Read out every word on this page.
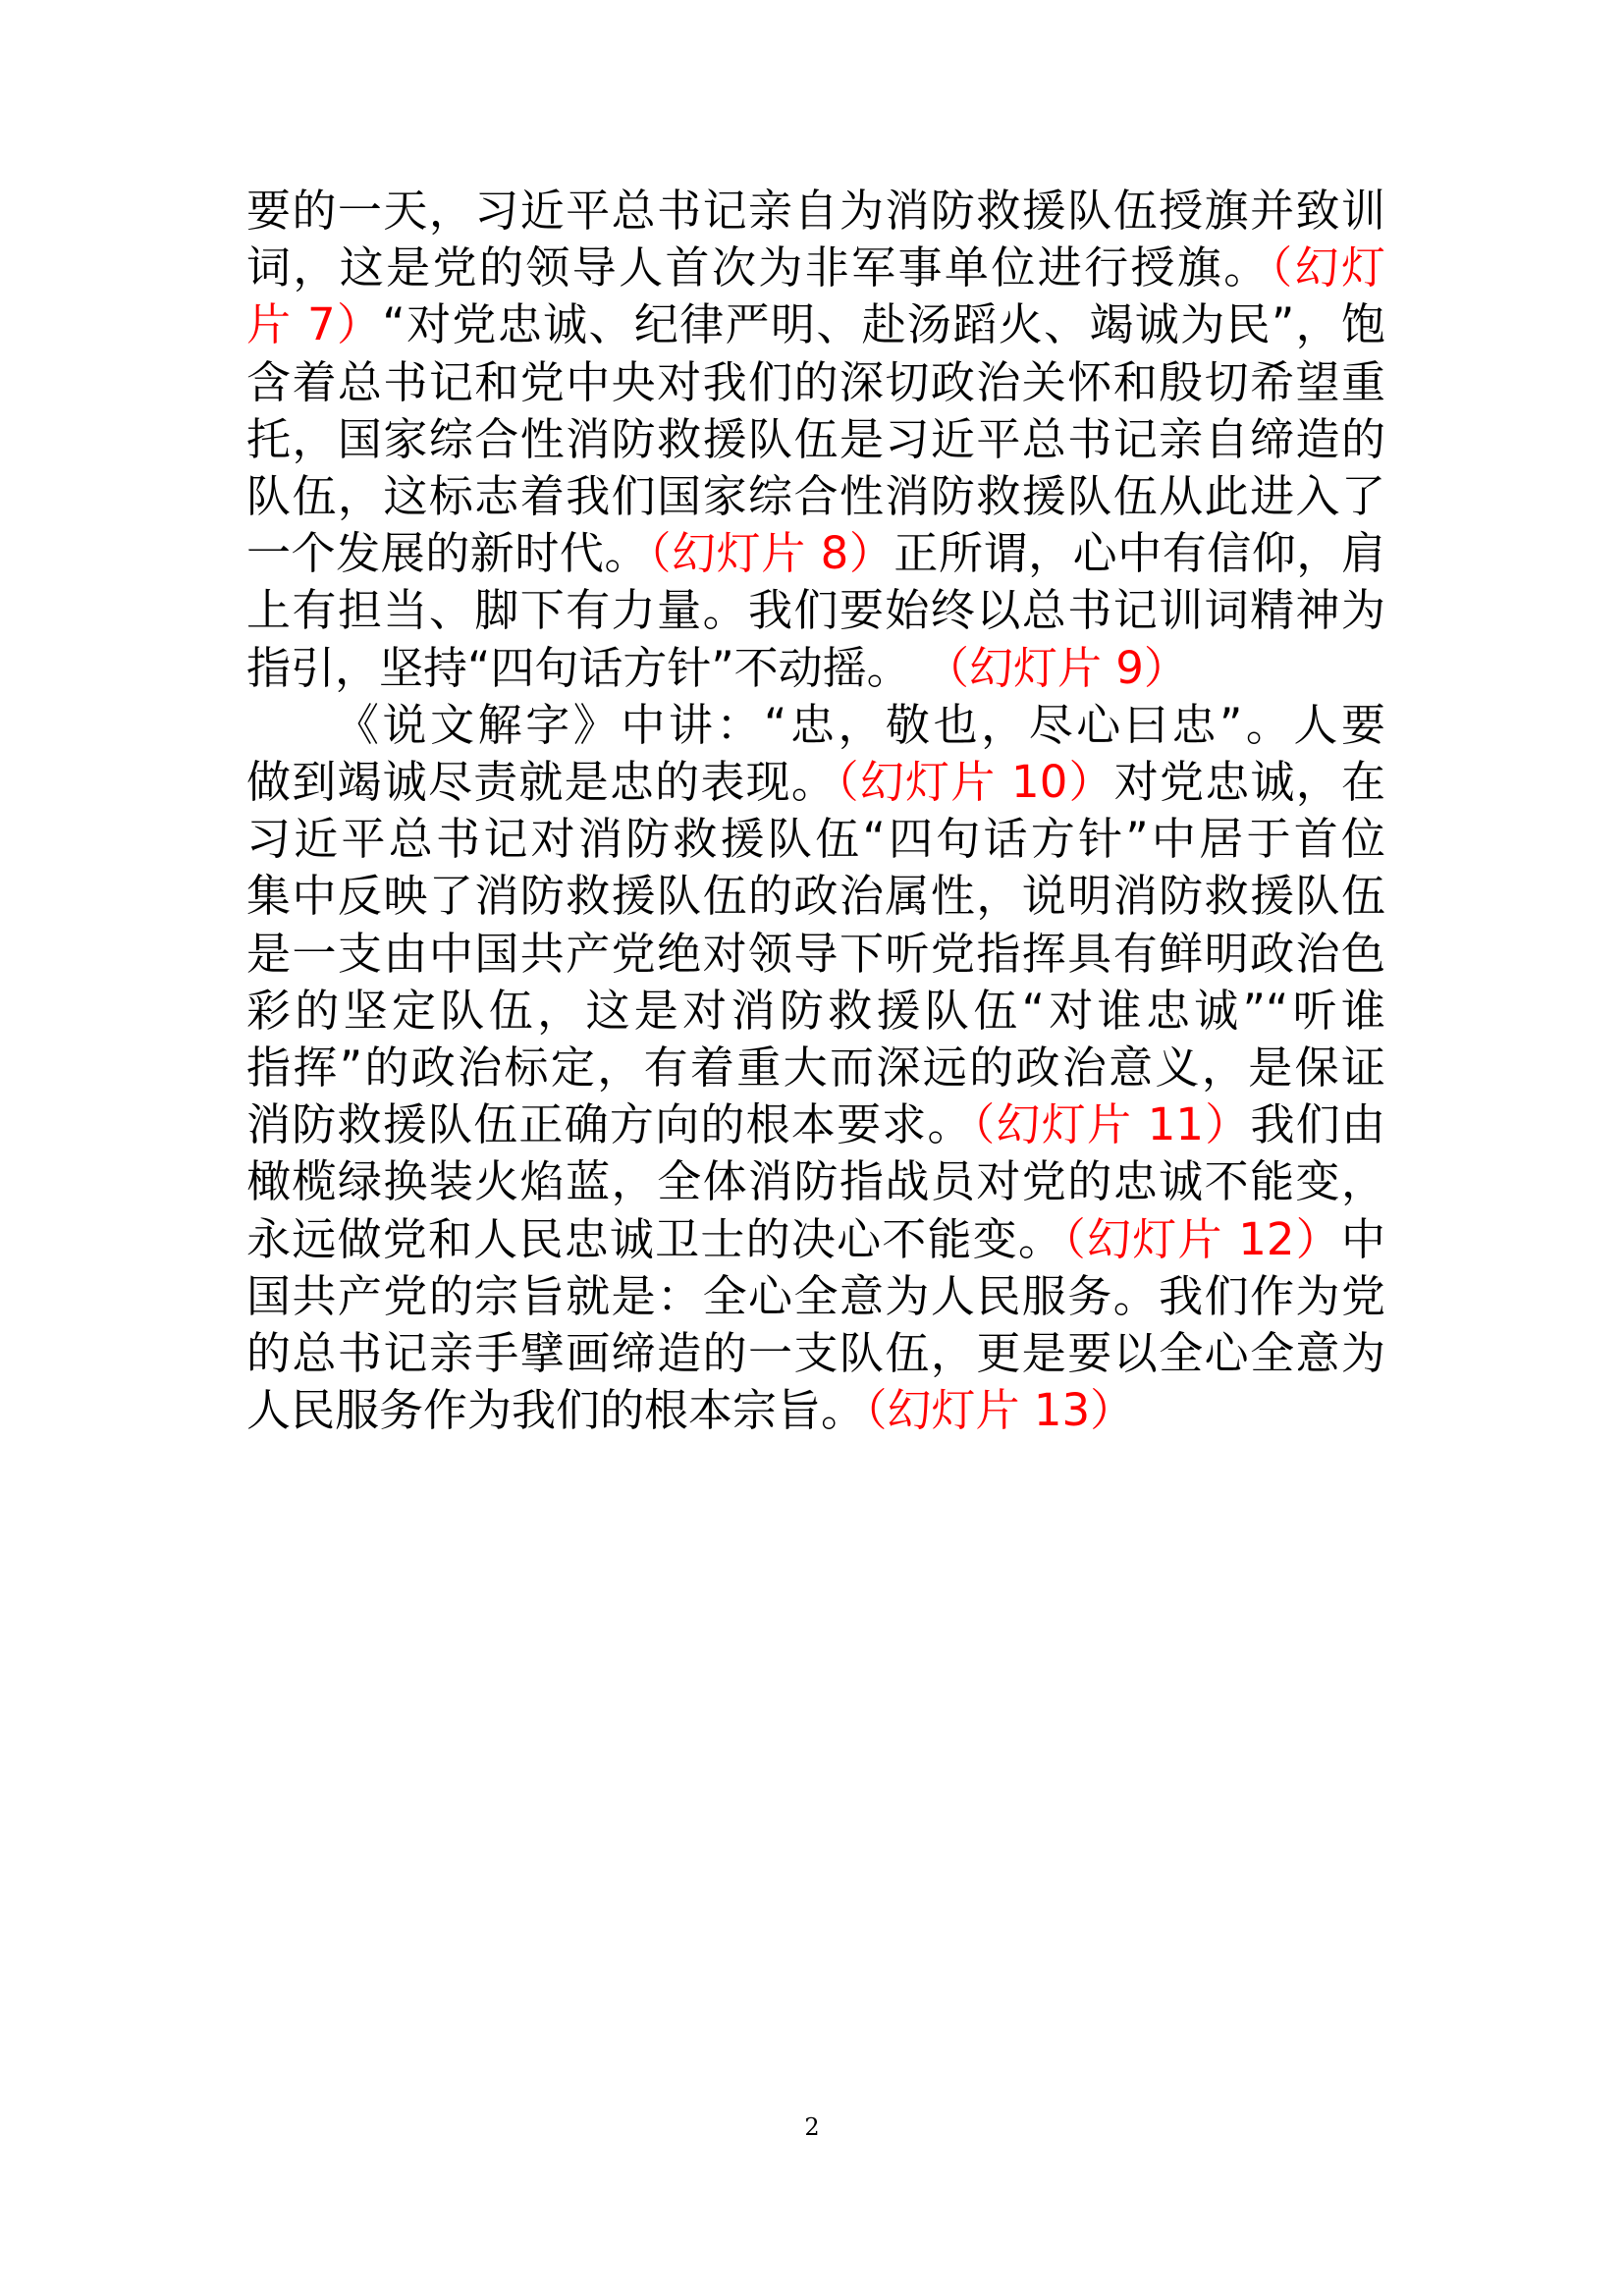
要的一天，习近平总书记亲自为消防救援队伍授旗并致训
词，这是党的领导人首次为非军事单位进行授旗。（幻灯
片 7）“对党忠诚、纪律严明、赴汤蹈火、竭诚为民”，饱
含着总书记和党中央对我们的深切政治关怀和殷切希望重
托，国家综合性消防救援队伍是习近平总书记亲自缔造的
队伍，这标志着我们国家综合性消防救援队伍从此进入了
一个发展的新时代。（幻灯片 8）正所谓，心中有信仰，肩
上有担当、脚下有力量。我们要始终以总书记训词精神为
指引，坚持“四句话方针”不动摇。 （幻灯片 9）
《说文解字》中讲：“忠，敬也，尽心曰忠”。人要
做到竭诚尽责就是忠的表现。（幻灯片 10）对党忠诚，在
习近平总书记对消防救援队伍“四句话方针”中居于首位
集中反映了消防救援队伍的政治属性，说明消防救援队伍
是一支由中国共产党绝对领导下听党指挥具有鲜明政治色
彩的坚定队伍，这是对消防救援队伍“对谁忠诚”“听谁
指挥”的政治标定，有着重大而深远的政治意义，是保证
消防救援队伍正确方向的根本要求。（幻灯片 11）我们由
橄榄绿换装火焰蓝，全体消防指战员对党的忠诚不能变，
永远做党和人民忠诚卫士的决心不能变。（幻灯片 12）中
国共产党的宗旨就是：全心全意为人民服务。我们作为党
的总书记亲手擘画缔造的一支队伍，更是要以全心全意为
人民服务作为我们的根本宗旨。（幻灯片 13）
2
